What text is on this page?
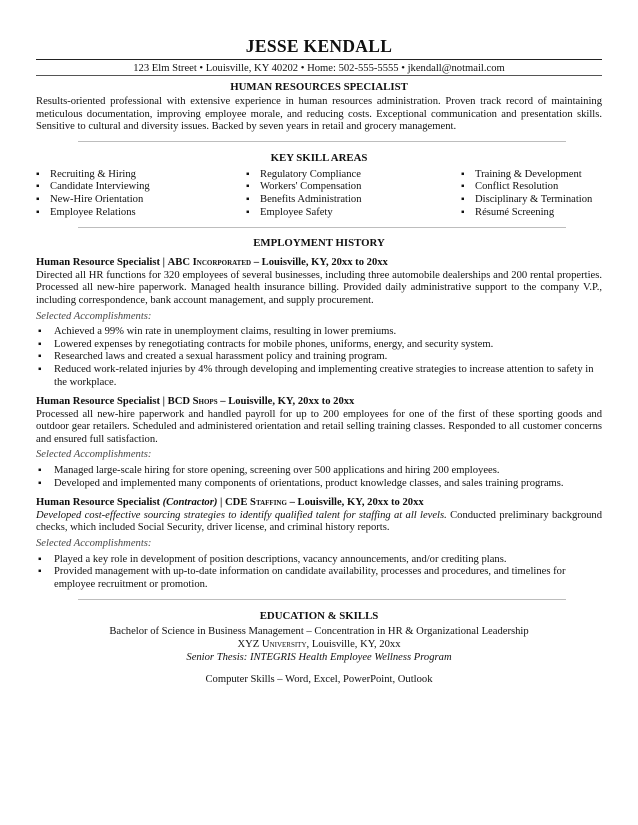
JESSE KENDALL
123 Elm Street • Louisville, KY 40202 • Home: 502-555-5555 • jkendall@notmail.com
HUMAN RESOURCES SPECIALIST
Results-oriented professional with extensive experience in human resources administration. Proven track record of maintaining meticulous documentation, improving employee morale, and reducing costs. Exceptional communication and presentation skills. Sensitive to cultural and diversity issues. Backed by seven years in retail and grocery management.
KEY SKILL AREAS
▪ Recruiting & Hiring
▪ Candidate Interviewing
▪ New-Hire Orientation
▪ Employee Relations
▪ Regulatory Compliance
▪ Workers' Compensation
▪ Benefits Administration
▪ Employee Safety
▪ Training & Development
▪ Conflict Resolution
▪ Disciplinary & Termination
▪ Résumé Screening
EMPLOYMENT HISTORY
Human Resource Specialist | ABC Incorporated – Louisville, KY, 20xx to 20xx
Directed all HR functions for 320 employees of several businesses, including three automobile dealerships and 200 rental properties. Processed all new-hire paperwork. Managed health insurance billing. Provided daily administrative support to the company V.P., including correspondence, bank account management, and supply procurement.
Selected Accomplishments:
▪ Achieved a 99% win rate in unemployment claims, resulting in lower premiums.
▪ Lowered expenses by renegotiating contracts for mobile phones, uniforms, energy, and security system.
▪ Researched laws and created a sexual harassment policy and training program.
▪ Reduced work-related injuries by 4% through developing and implementing creative strategies to increase attention to safety in the workplace.
Human Resource Specialist | BCD Shops – Louisville, KY, 20xx to 20xx
Processed all new-hire paperwork and handled payroll for up to 200 employees for one of the first of these sporting goods and outdoor gear retailers. Scheduled and administered orientation and retail selling training classes. Responded to all customer concerns and ensured full satisfaction.
Selected Accomplishments:
▪ Managed large-scale hiring for store opening, screening over 500 applications and hiring 200 employees.
▪ Developed and implemented many components of orientations, product knowledge classes, and sales training programs.
Human Resource Specialist (Contractor) | CDE Staffing – Louisville, KY, 20xx to 20xx
Developed cost-effective sourcing strategies to identify qualified talent for staffing at all levels. Conducted preliminary background checks, which included Social Security, driver license, and criminal history reports.
Selected Accomplishments:
▪ Played a key role in development of position descriptions, vacancy announcements, and/or crediting plans.
▪ Provided management with up-to-date information on candidate availability, processes and procedures, and timelines for employee recruitment or promotion.
EDUCATION & SKILLS
Bachelor of Science in Business Management – Concentration in HR & Organizational Leadership
XYZ University, Louisville, KY, 20xx
Senior Thesis: INTEGRIS Health Employee Wellness Program
Computer Skills – Word, Excel, PowerPoint, Outlook
